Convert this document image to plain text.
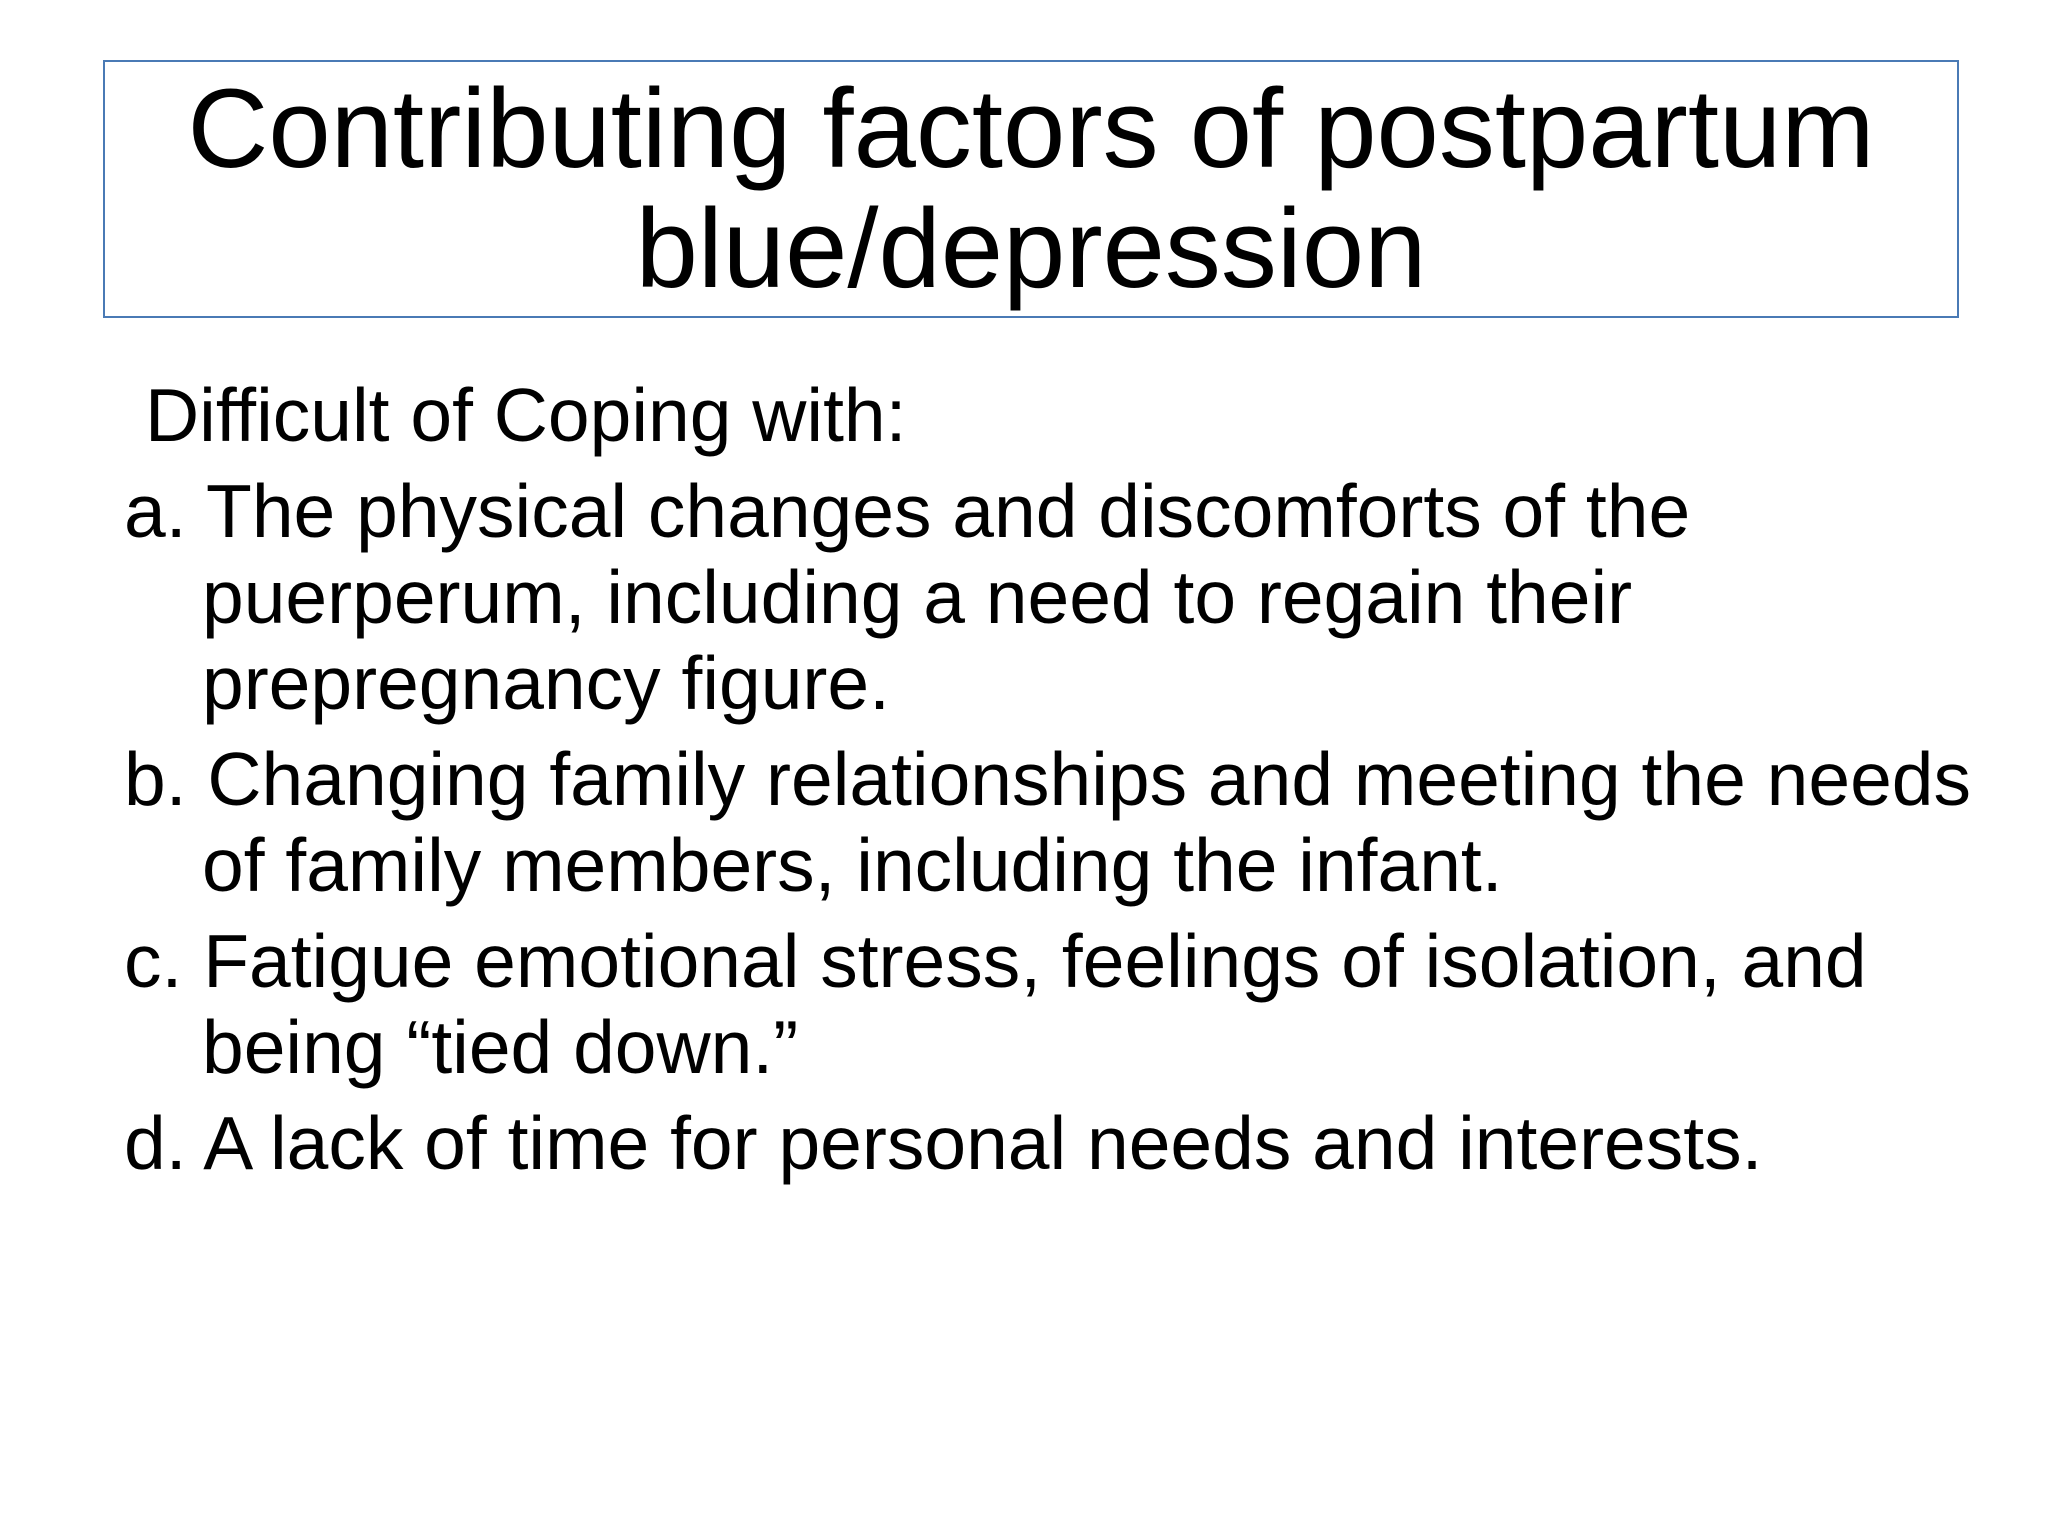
Contributing factors of postpartum blue/depression
Difficult of Coping with:
a. The physical changes and discomforts of the puerperum, including a need to regain their prepregnancy figure.
b. Changing family relationships and meeting the needs of family members, including the infant.
c. Fatigue emotional stress, feelings of isolation, and being “tied down.”
d. A lack of time for personal needs and interests.
